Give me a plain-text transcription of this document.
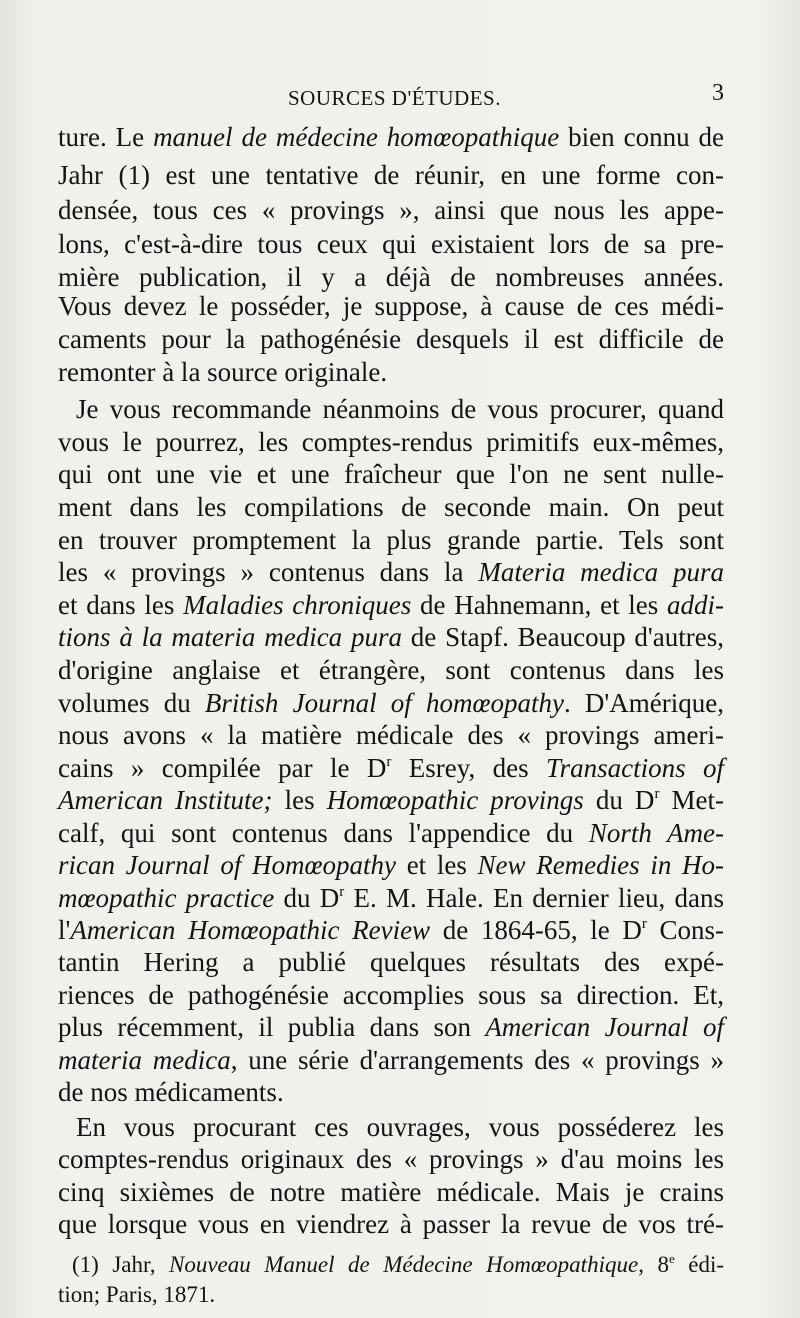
SOURCES D'ÉTUDES.	3
ture. Le manuel de médecine homœopathique bien connu de
Jahr (1) est une tentative de réunir, en une forme con-
densée, tous ces « provings », ainsi que nous les appe-
lons, c'est-à-dire tous ceux qui existaient lors de sa pre-
mière publication, il y a déjà de nombreuses années.
Vous devez le posséder, je suppose, à cause de ces médi-
caments pour la pathogénésie desquels il est difficile de
remonter à la source originale.
Je vous recommande néanmoins de vous procurer, quand
vous le pourrez, les comptes-rendus primitifs eux-mêmes,
qui ont une vie et une fraîcheur que l'on ne sent nulle-
ment dans les compilations de seconde main. On peut
en trouver promptement la plus grande partie. Tels sont
les « provings » contenus dans la Materia medica pura
et dans les Maladies chroniques de Hahnemann, et les addi-
tions à la materia medica pura de Stapf. Beaucoup d'autres,
d'origine anglaise et étrangère, sont contenus dans les
volumes du British Journal of homœopathy. D'Amérique,
nous avons « la matière médicale des « provings ameri-
cains » compilée par le $D^r$ Esrey, des Transactions of
American Institute; les Homœopathic provings du $D^r$ Met-
calf, qui sont contenus dans l'appendice du North Ame-
rican Journal of Homœopathy et les New Remedies in Ho-
mœopathic practice du $D^r$ E. M. Hale. En dernier lieu, dans
l'American Homœopathic Review de 1864-65, le $D^r$ Cons-
tantin Hering a publié quelques résultats des expé-
riences de pathogénésie accomplies sous sa direction. Et,
plus récemment, il publia dans son American Journal of
materia medica, une série d'arrangements des « provings »
de nos médicaments.
En vous procurant ces ouvrages, vous posséderez les
comptes-rendus originaux des « provings » d'au moins les
cinq sixièmes de notre matière médicale. Mais je crains
que lorsque vous en viendrez à passer la revue de vos tré-
(1) Jahr, Nouveau Manuel de Médecine Homœopathique, 8e édi-
tion; Paris, 1871.
